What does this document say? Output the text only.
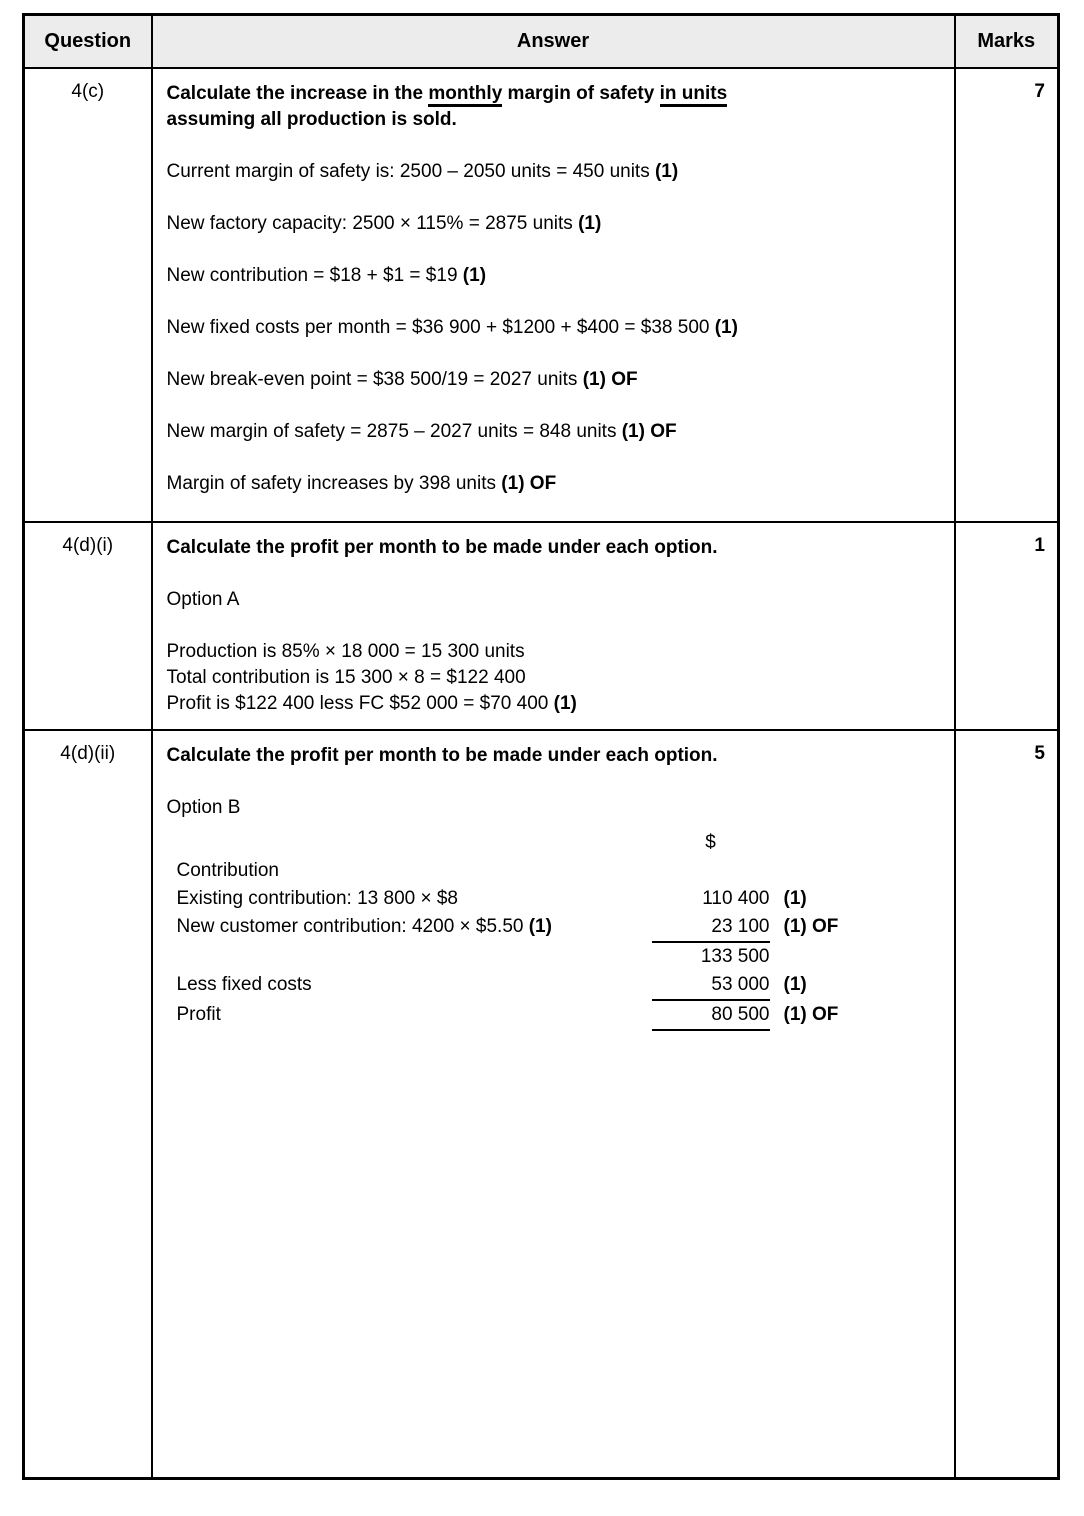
Question	Answer	Marks
4(c)	Calculate the increase in the monthly margin of safety in units
assuming all production is sold.
Current margin of safety is: 2500 – 2050 units = 450 units (1)
New factory capacity: 2500 × 115% = 2875 units (1)
New contribution = $18 + $1 = $19 (1)
New fixed costs per month = $36 900 + $1200 + $400 = $38 500 (1)
New break-even point = $38 500/19 = 2027 units (1) OF
New margin of safety = 2875 – 2027 units = 848 units (1) OF
Margin of safety increases by 398 units (1) OF
	7
4(d)(i)	Calculate the profit per month to be made under each option.
Option A
Production is 85% × 18 000 = 15 300 units
Total contribution is 15 300 × 8 = $122 400
Profit is $122 400 less FC $52 000 = $70 400 (1)	1
4(d)(ii)	Calculate the profit per month to be made under each option.
Option B
$
Contribution
Existing contribution: 13 800 × $8	110 400 (1)
New customer contribution: 4200 × $5.50 (1)	23 100 (1) OF
133 500
Less fixed costs	53 000 (1)
Profit	80 500 (1) OF
	5
